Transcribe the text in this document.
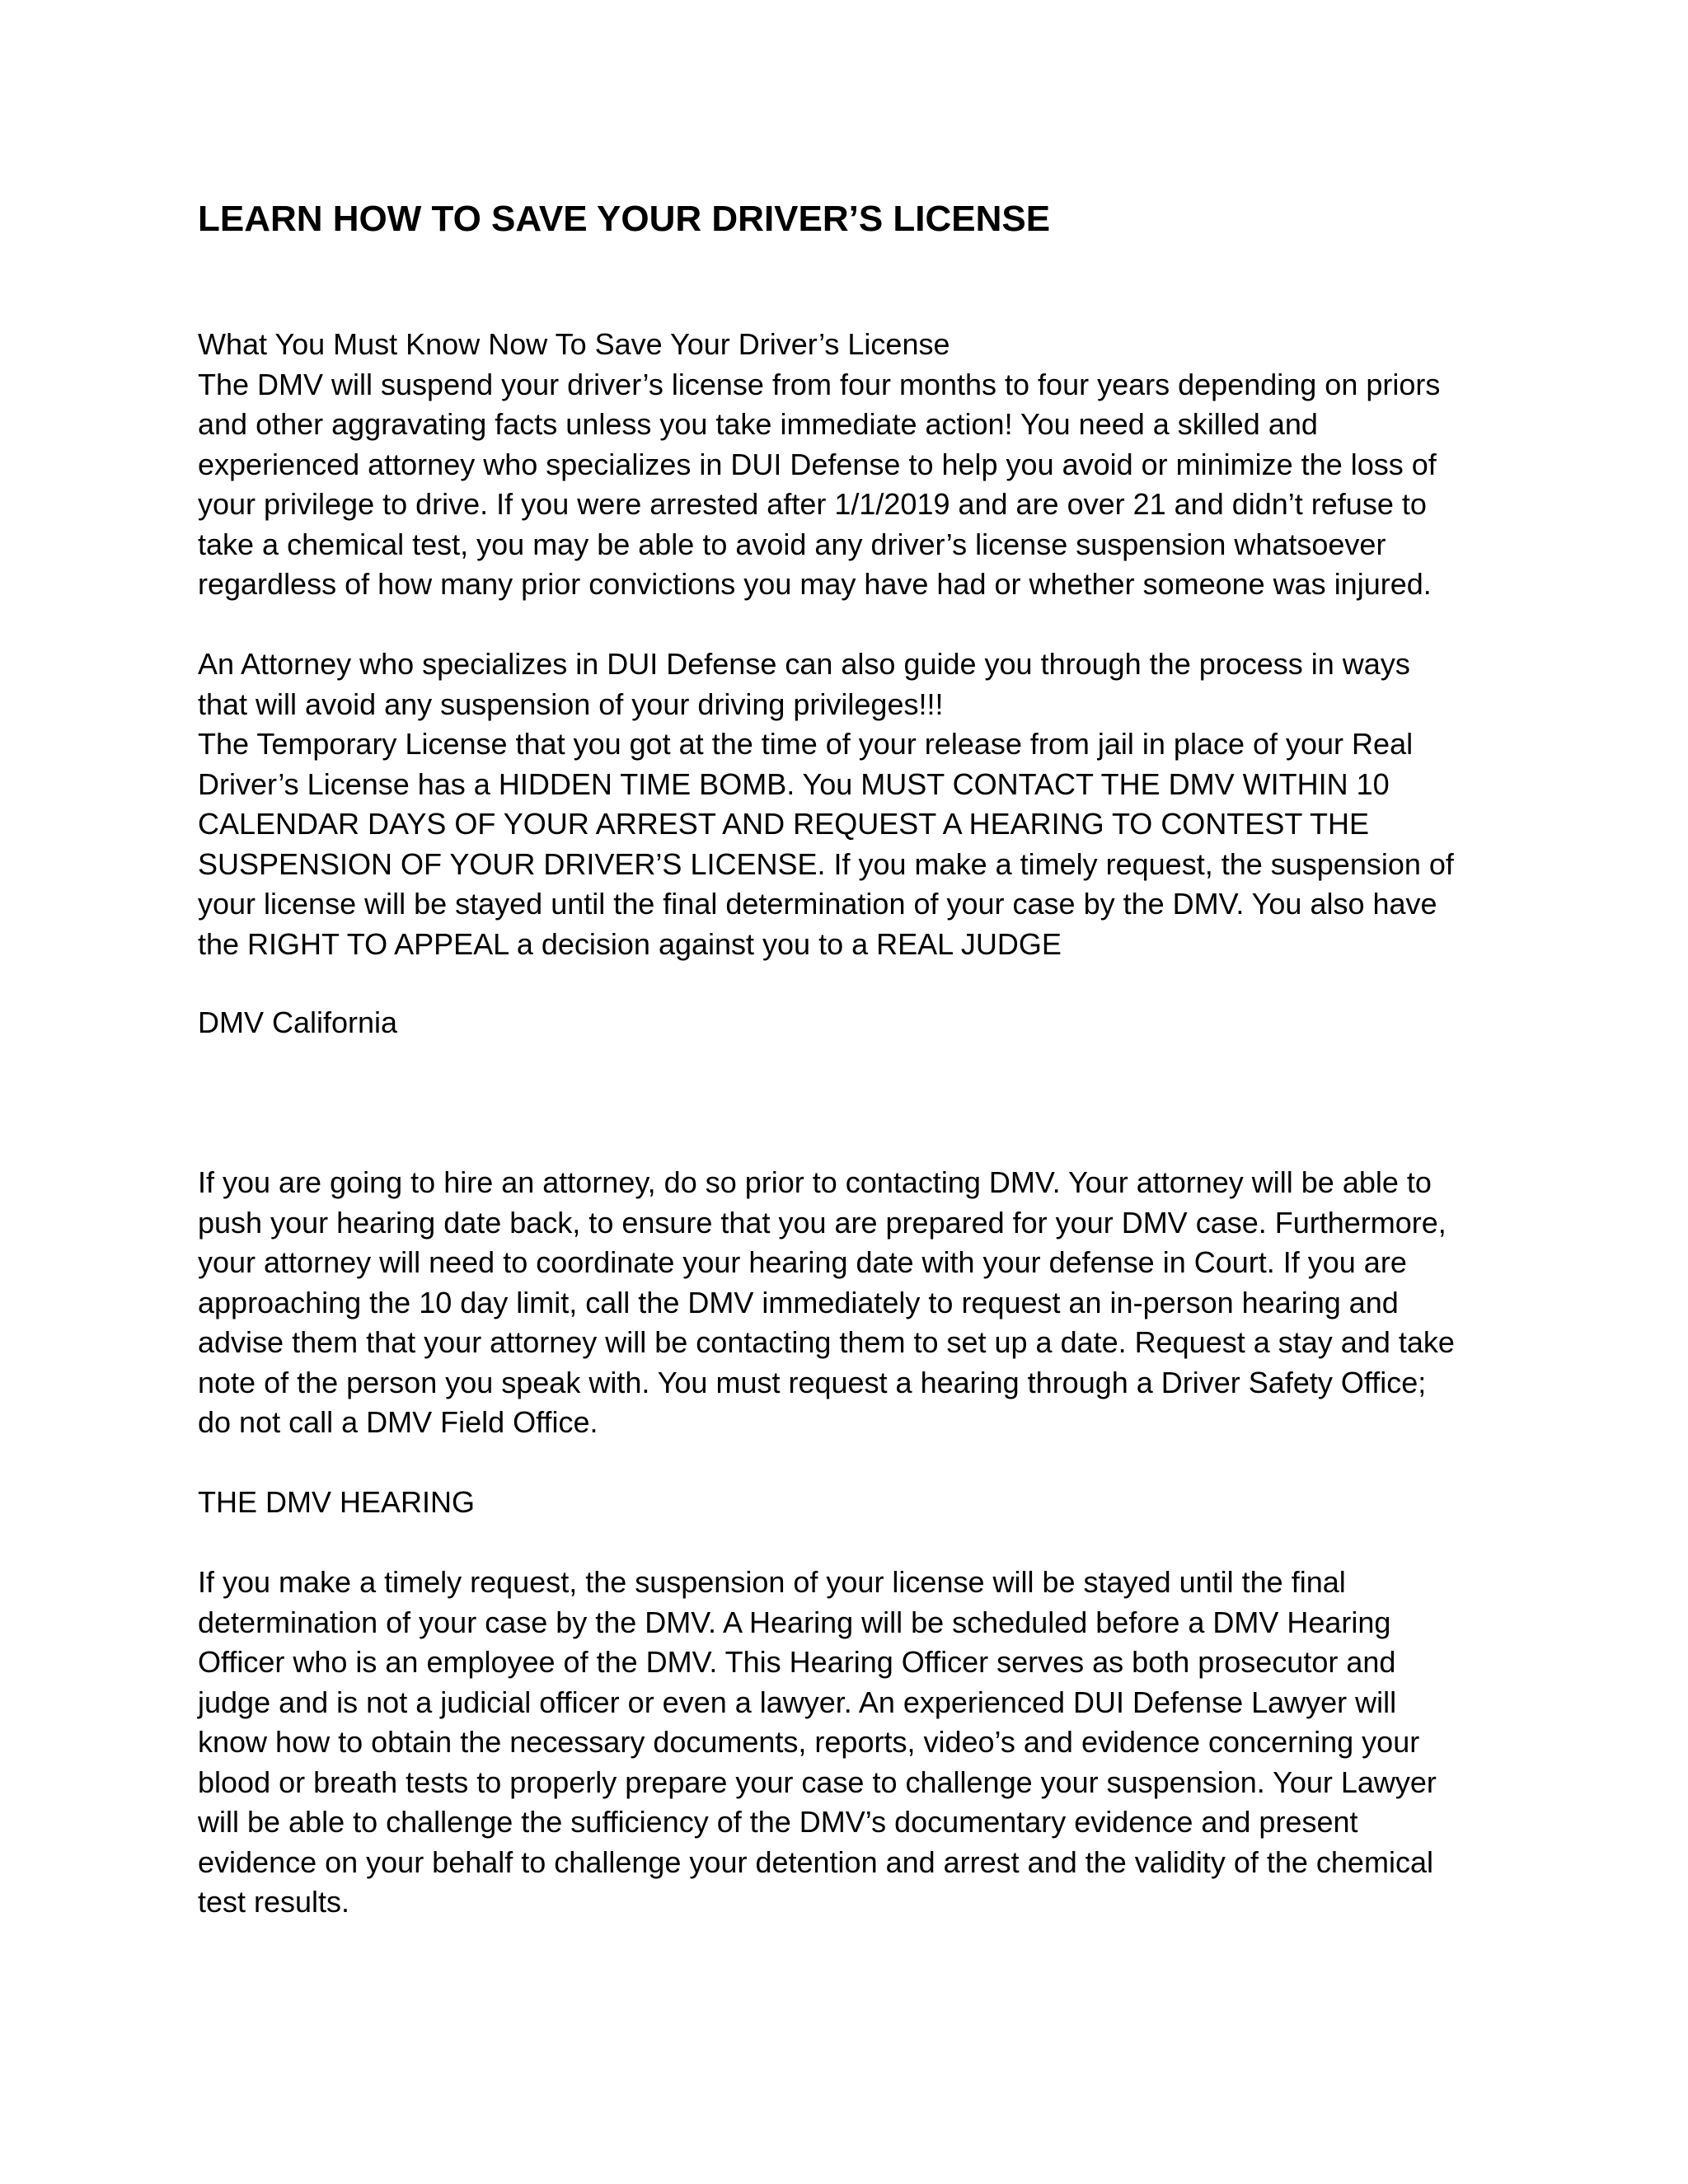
LEARN HOW TO SAVE YOUR DRIVER’S LICENSE

What You Must Know Now To Save Your Driver’s License
The DMV will suspend your driver’s license from four months to four years depending on priors
and other aggravating facts unless you take immediate action! You need a skilled and
experienced attorney who specializes in DUI Defense to help you avoid or minimize the loss of
your privilege to drive. If you were arrested after 1/1/2019 and are over 21 and didn’t refuse to
take a chemical test, you may be able to avoid any driver’s license suspension whatsoever
regardless of how many prior convictions you may have had or whether someone was injured.

An Attorney who specializes in DUI Defense can also guide you through the process in ways
that will avoid any suspension of your driving privileges!!!
The Temporary License that you got at the time of your release from jail in place of your Real
Driver’s License has a HIDDEN TIME BOMB. You MUST CONTACT THE DMV WITHIN 10
CALENDAR DAYS OF YOUR ARREST AND REQUEST A HEARING TO CONTEST THE
SUSPENSION OF YOUR DRIVER’S LICENSE. If you make a timely request, the suspension of
your license will be stayed until the final determination of your case by the DMV. You also have
the RIGHT TO APPEAL a decision against you to a REAL JUDGE

DMV California

If you are going to hire an attorney, do so prior to contacting DMV. Your attorney will be able to
push your hearing date back, to ensure that you are prepared for your DMV case. Furthermore,
your attorney will need to coordinate your hearing date with your defense in Court. If you are
approaching the 10 day limit, call the DMV immediately to request an in-person hearing and
advise them that your attorney will be contacting them to set up a date. Request a stay and take
note of the person you speak with. You must request a hearing through a Driver Safety Office;
do not call a DMV Field Office.

THE DMV HEARING

If you make a timely request, the suspension of your license will be stayed until the final
determination of your case by the DMV. A Hearing will be scheduled before a DMV Hearing
Officer who is an employee of the DMV. This Hearing Officer serves as both prosecutor and
judge and is not a judicial officer or even a lawyer. An experienced DUI Defense Lawyer will
know how to obtain the necessary documents, reports, video’s and evidence concerning your
blood or breath tests to properly prepare your case to challenge your suspension. Your Lawyer
will be able to challenge the sufficiency of the DMV’s documentary evidence and present
evidence on your behalf to challenge your detention and arrest and the validity of the chemical
test results.
